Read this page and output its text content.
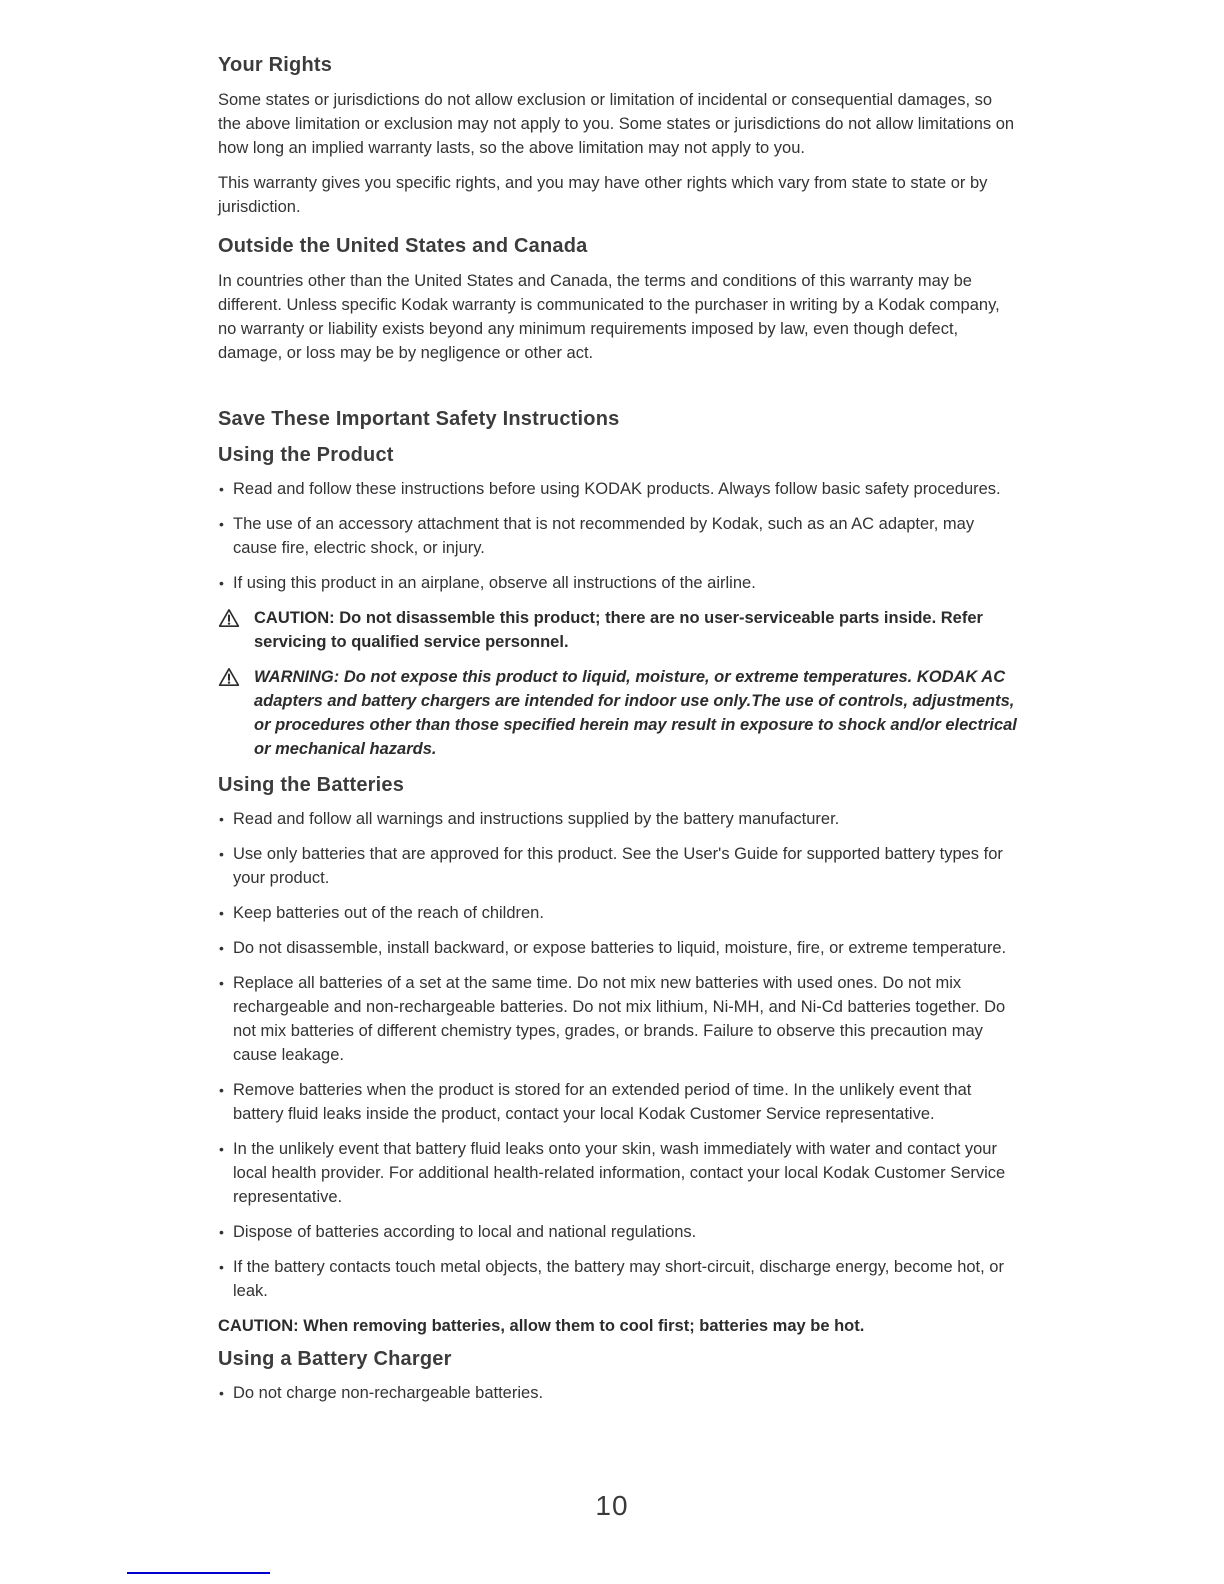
Your Rights

Some states or jurisdictions do not allow exclusion or limitation of incidental or consequential damages, so the above limitation or exclusion may not apply to you. Some states or jurisdictions do not allow limitations on how long an implied warranty lasts, so the above limitation may not apply to you.

This warranty gives you specific rights, and you may have other rights which vary from state to state or by jurisdiction.

Outside the United States and Canada

In countries other than the United States and Canada, the terms and conditions of this warranty may be different. Unless specific Kodak warranty is communicated to the purchaser in writing by a Kodak company, no warranty or liability exists beyond any minimum requirements imposed by law, even though defect, damage, or loss may be by negligence or other act.

Save These Important Safety Instructions
Using the Product
• Read and follow these instructions before using KODAK products. Always follow basic safety procedures.
• The use of an accessory attachment that is not recommended by Kodak, such as an AC adapter, may cause fire, electric shock, or injury.
• If using this product in an airplane, observe all instructions of the airline.
CAUTION: Do not disassemble this product; there are no user-serviceable parts inside. Refer servicing to qualified service personnel.
WARNING: Do not expose this product to liquid, moisture, or extreme temperatures. KODAK AC adapters and battery chargers are intended for indoor use only.The use of controls, adjustments, or procedures other than those specified herein may result in exposure to shock and/or electrical or mechanical hazards.
Using the Batteries
• Read and follow all warnings and instructions supplied by the battery manufacturer.
• Use only batteries that are approved for this product. See the User's Guide for supported battery types for your product.
• Keep batteries out of the reach of children.
• Do not disassemble, install backward, or expose batteries to liquid, moisture, fire, or extreme temperature.
• Replace all batteries of a set at the same time. Do not mix new batteries with used ones. Do not mix rechargeable and non-rechargeable batteries. Do not mix lithium, Ni-MH, and Ni-Cd batteries together. Do not mix batteries of different chemistry types, grades, or brands. Failure to observe this precaution may cause leakage.
• Remove batteries when the product is stored for an extended period of time. In the unlikely event that battery fluid leaks inside the product, contact your local Kodak Customer Service representative.
• In the unlikely event that battery fluid leaks onto your skin, wash immediately with water and contact your local health provider. For additional health-related information, contact your local Kodak Customer Service representative.
• Dispose of batteries according to local and national regulations.
• If the battery contacts touch metal objects, the battery may short-circuit, discharge energy, become hot, or leak.
CAUTION: When removing batteries, allow them to cool first; batteries may be hot.
Using a Battery Charger
• Do not charge non-rechargeable batteries.
10
